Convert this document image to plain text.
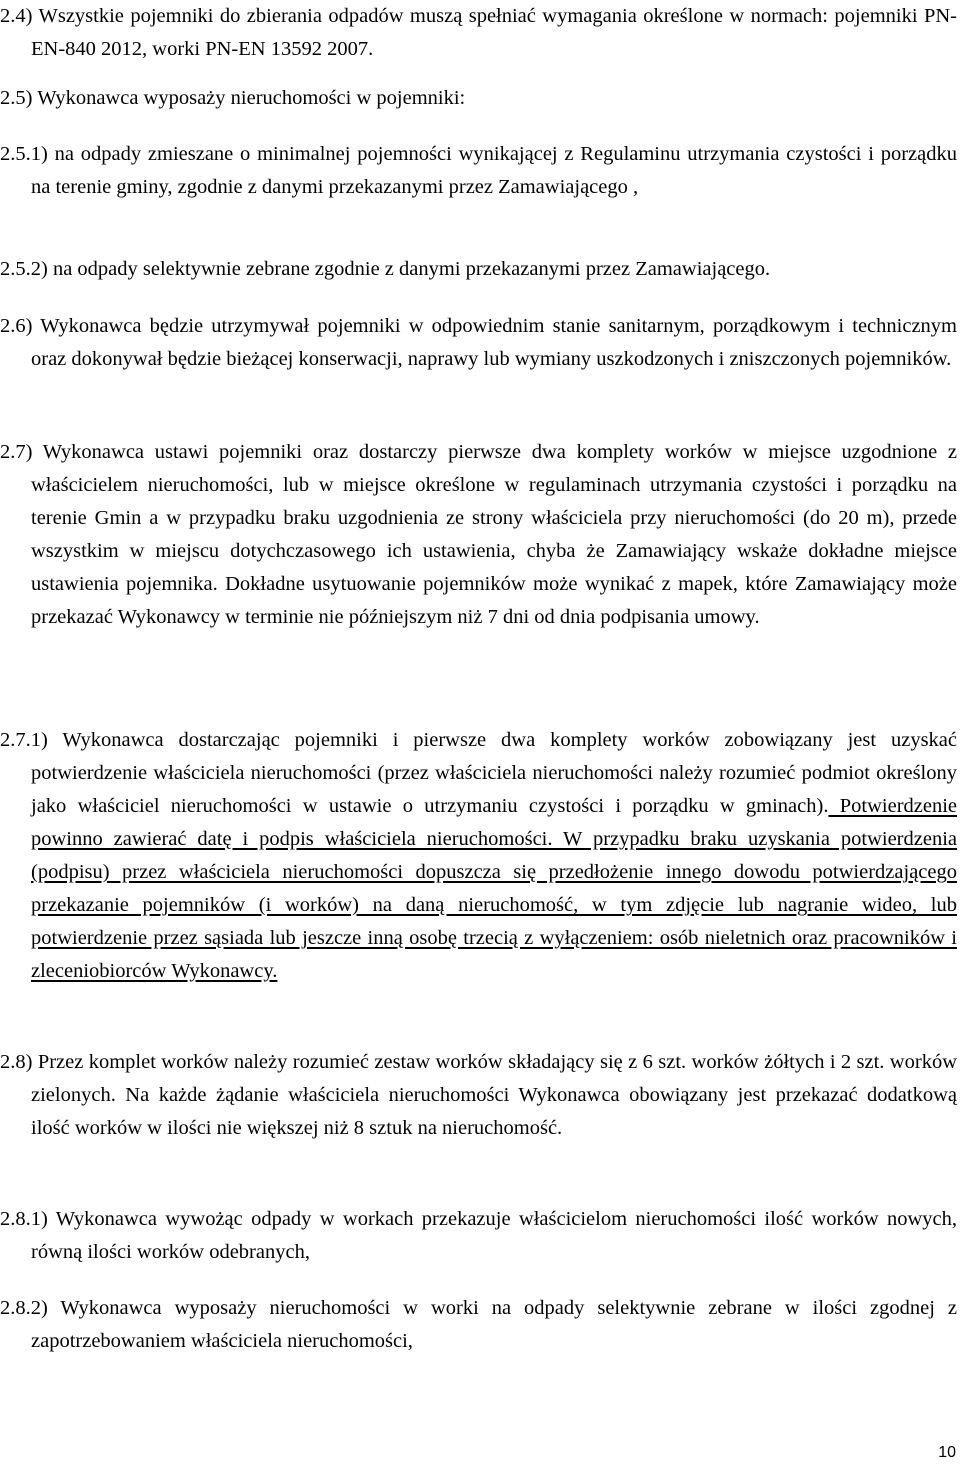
2.4) Wszystkie pojemniki do zbierania odpadów muszą spełniać wymagania określone w normach: pojemniki PN-EN-840 2012, worki PN-EN 13592 2007.

2.5) Wykonawca wyposaży nieruchomości w pojemniki:

2.5.1) na odpady zmieszane o minimalnej pojemności wynikającej z Regulaminu utrzymania czystości i porządku na terenie gminy, zgodnie z danymi przekazanymi przez Zamawiającego ,

2.5.2) na odpady selektywnie zebrane zgodnie z danymi przekazanymi przez Zamawiającego.

2.6) Wykonawca będzie utrzymywał pojemniki w odpowiednim stanie sanitarnym, porządkowym i technicznym oraz dokonywał będzie bieżącej konserwacji, naprawy lub wymiany uszkodzonych i zniszczonych pojemników.

2.7) Wykonawca ustawi pojemniki oraz dostarczy pierwsze dwa komplety worków w miejsce uzgodnione z właścicielem nieruchomości, lub w miejsce określone w regulaminach utrzymania czystości i porządku na terenie Gmin a w przypadku braku uzgodnienia ze strony właściciela przy nieruchomości (do 20 m), przede wszystkim w miejscu dotychczasowego ich ustawienia, chyba że Zamawiający wskaże dokładne miejsce ustawienia pojemnika. Dokładne usytuowanie pojemników może wynikać z mapek, które Zamawiający może przekazać Wykonawcy w terminie nie późniejszym niż 7 dni od dnia podpisania umowy.

2.7.1) Wykonawca dostarczając pojemniki i pierwsze dwa komplety worków zobowiązany jest uzyskać potwierdzenie właściciela nieruchomości (przez właściciela nieruchomości należy rozumieć podmiot określony jako właściciel nieruchomości w ustawie o utrzymaniu czystości i porządku w gminach). Potwierdzenie powinno zawierać datę i podpis właściciela nieruchomości. W przypadku braku uzyskania potwierdzenia (podpisu) przez właściciela nieruchomości dopuszcza się przedłożenie innego dowodu potwierdzającego przekazanie pojemników (i worków) na daną nieruchomość, w tym zdjęcie lub nagranie wideo, lub potwierdzenie przez sąsiada lub jeszcze inną osobę trzecią z wyłączeniem: osób nieletnich oraz pracowników i zleceniobiorców Wykonawcy.

2.8) Przez komplet worków należy rozumieć zestaw worków składający się z 6 szt. worków żółtych i 2 szt. worków zielonych. Na każde żądanie właściciela nieruchomości Wykonawca obowiązany jest przekazać dodatkową ilość worków w ilości nie większej niż 8 sztuk na nieruchomość.

2.8.1) Wykonawca wywożąc odpady w workach przekazuje właścicielom nieruchomości ilość worków nowych, równą ilości worków odebranych,

2.8.2) Wykonawca wyposaży nieruchomości w worki na odpady selektywnie zebrane w ilości zgodnej z zapotrzebowaniem właściciela nieruchomości,

10
